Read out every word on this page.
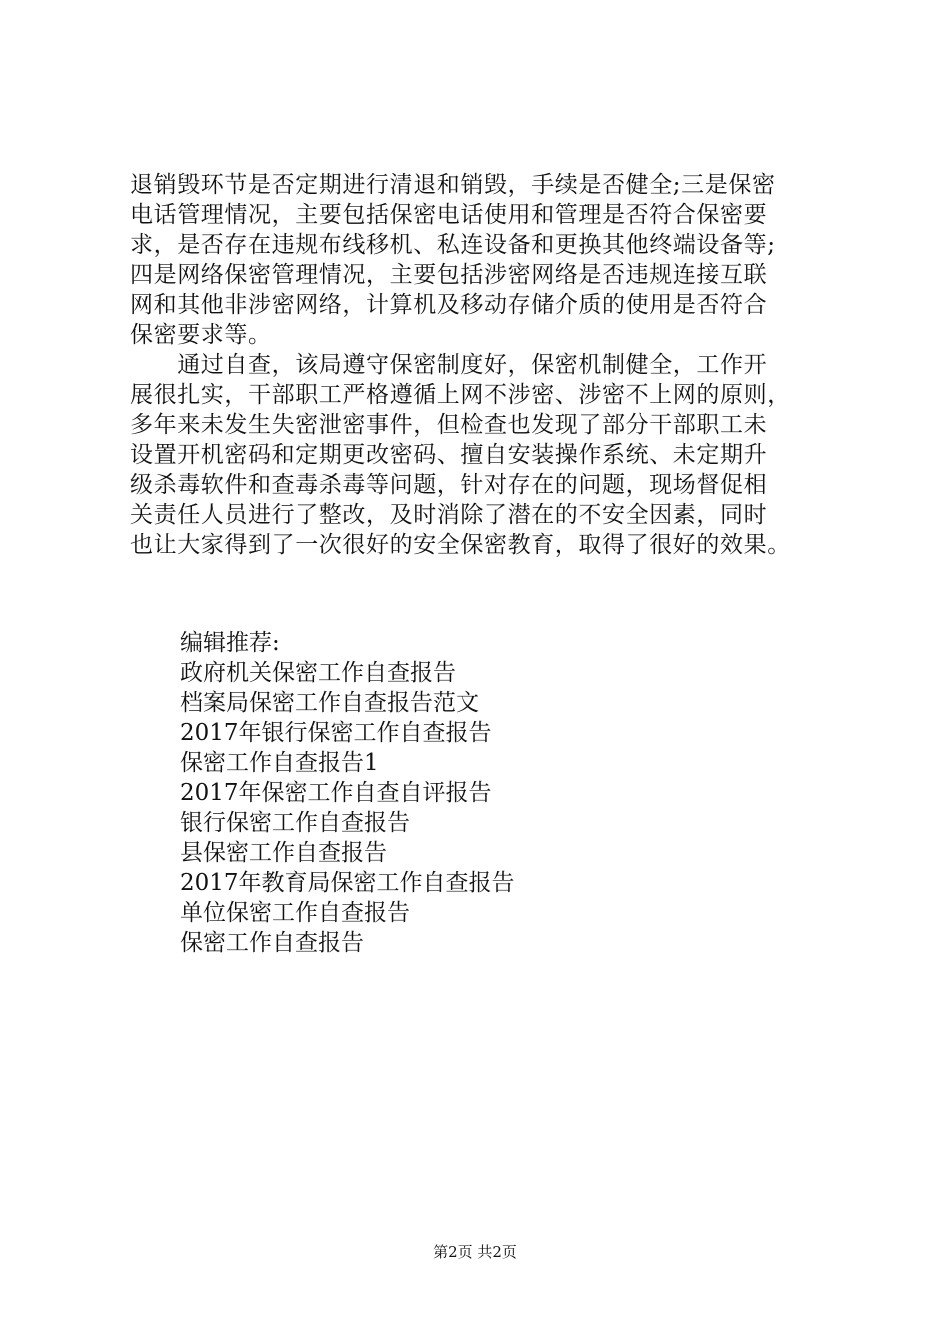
退销毁环节是否定期进行清退和销毁，手续是否健全;三是保密
电话管理情况，主要包括保密电话使用和管理是否符合保密要
求，是否存在违规布线移机、私连设备和更换其他终端设备等;
四是网络保密管理情况，主要包括涉密网络是否违规连接互联
网和其他非涉密网络，计算机及移动存储介质的使用是否符合
保密要求等。
　　通过自查，该局遵守保密制度好，保密机制健全，工作开
展很扎实，干部职工严格遵循上网不涉密、涉密不上网的原则，
多年来未发生失密泄密事件，但检查也发现了部分干部职工未
设置开机密码和定期更改密码、擅自安装操作系统、未定期升
级杀毒软件和查毒杀毒等问题，针对存在的问题，现场督促相
关责任人员进行了整改，及时消除了潜在的不安全因素，同时
也让大家得到了一次很好的安全保密教育，取得了很好的效果。
编辑推荐:
政府机关保密工作自查报告
档案局保密工作自查报告范文
2017年银行保密工作自查报告
保密工作自查报告1
2017年保密工作自查自评报告
银行保密工作自查报告
县保密工作自查报告
2017年教育局保密工作自查报告
单位保密工作自查报告
保密工作自查报告
第2页 共2页
